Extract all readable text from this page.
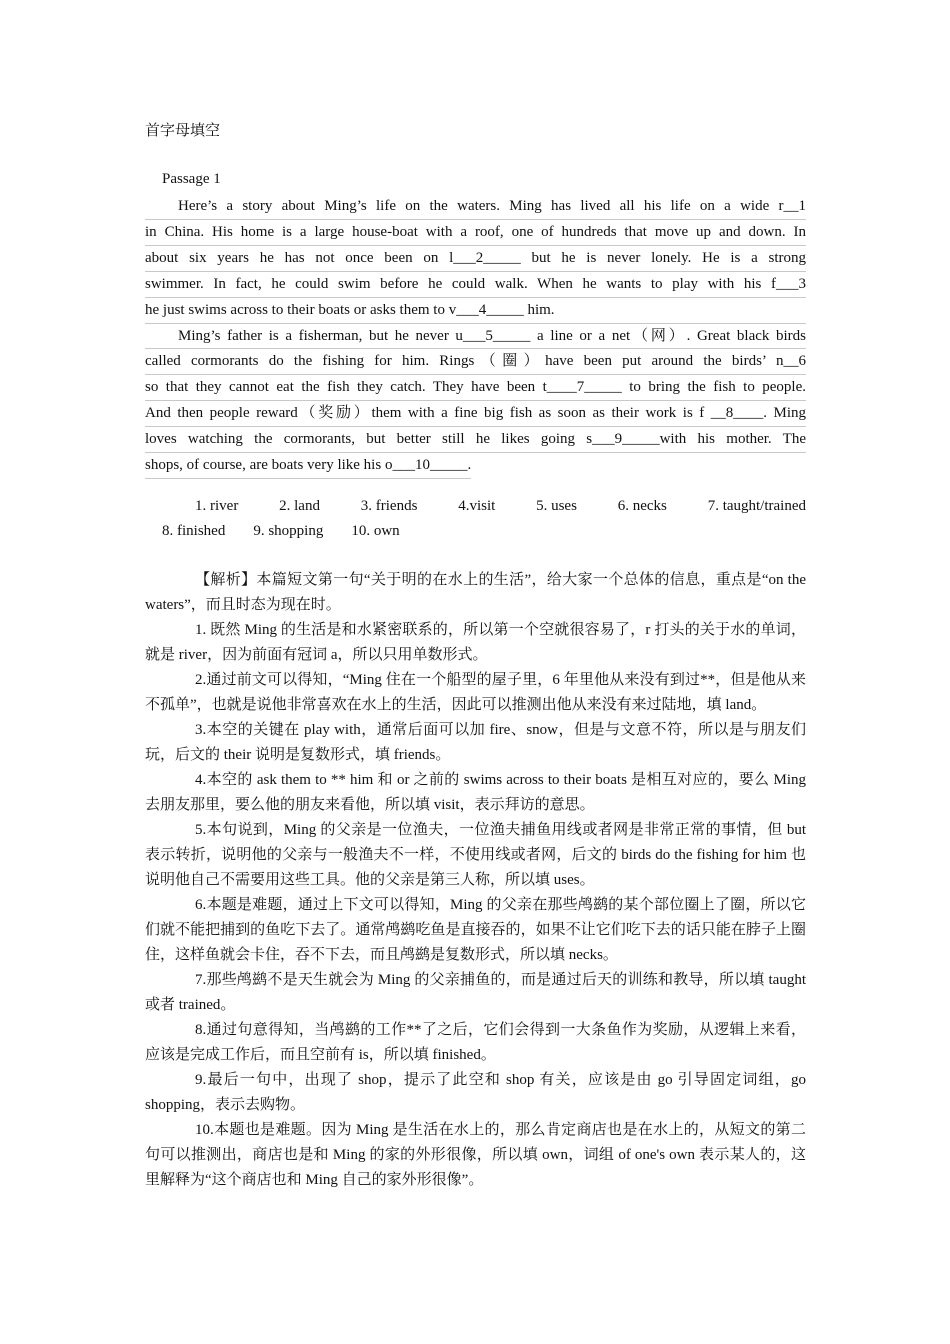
首字母填空
Passage 1
Here’s a story about Ming’s life on the waters. Ming has lived all his life on a wide r__1
in China. His home is a large house-boat with a roof, one of hundreds that move up and down. In
about six years he has not once been on l___2_____ but he is never lonely. He is a strong
swimmer. In fact, he could swim before he could walk. When he wants to play with his f___3
he just swims across to their boats or asks them to v___4_____ him.
Ming’s father is a fisherman, but he never u___5_____ a line or a net（网）. Great black birds
called cormorants do the fishing for him. Rings（圈）have been put around the birds’ n__6
so that they cannot eat the fish they catch. They have been t____7_____ to bring the fish to people.
And then people reward（奖励）them with a fine big fish as soon as their work is f __8____. Ming
loves watching the cormorants, but better still he likes going s___9_____with his mother. The
shops, of course, are boats very like his o___10_____.
1. river	2. land	3. friends	4.visit	5. uses	6. necks	7. taught/trained
8. finished 9. shopping 10. own

【解析】本篇短文第一句“关于明的在水上的生活”，给大家一个总体的信息，重点是“on the waters”，而且时态为现在时。

1. 既然 Ming 的生活是和水紧密联系的，所以第一个空就很容易了，r 打头的关于水的单词，就是 river，因为前面有冠词 a，所以只用单数形式。

2.通过前文可以得知，“Ming 住在一个船型的屋子里，6 年里他从来没有到过**，但是他从来不孤单”，也就是说他非常喜欢在水上的生活，因此可以推测出他从来没有来过陆地，填 land。

3.本空的关键在 play with，通常后面可以加 fire、snow，但是与文意不符，所以是与朋友们玩，后文的 their 说明是复数形式，填 friends。

4.本空的 ask them to ** him 和 or 之前的 swims across to their boats 是相互对应的，要么 Ming 去朋友那里，要么他的朋友来看他，所以填 visit，表示拜访的意思。

5.本句说到，Ming 的父亲是一位渔夫，一位渔夫捕鱼用线或者网是非常正常的事情，但 but 表示转折，说明他的父亲与一般渔夫不一样，不使用线或者网，后文的 birds do the fishing for him 也说明他自己不需要用这些工具。他的父亲是第三人称，所以填 uses。

6.本题是难题，通过上下文可以得知，Ming 的父亲在那些鸬鹚的某个部位圈上了圈，所以它们就不能把捕到的鱼吃下去了。通常鸬鹚吃鱼是直接吞的，如果不让它们吃下去的话只能在脖子上圈住，这样鱼就会卡住，吞不下去，而且鸬鹚是复数形式，所以填 necks。

7.那些鸬鹚不是天生就会为 Ming 的父亲捕鱼的，而是通过后天的训练和教导，所以填 taught 或者 trained。

8.通过句意得知，当鸬鹚的工作**了之后，它们会得到一大条鱼作为奖励，从逻辑上来看，应该是完成工作后，而且空前有 is，所以填 finished。

9.最后一句中，出现了 shop，提示了此空和 shop 有关，应该是由 go 引导固定词组，go shopping，表示去购物。

10.本题也是难题。因为 Ming 是生活在水上的，那么肯定商店也是在水上的，从短文的第二句可以推测出，商店也是和 Ming 的家的外形很像，所以填 own，词组 of one's own 表示某人的，这里解释为“这个商店也和 Ming 自己的家外形很像”。
